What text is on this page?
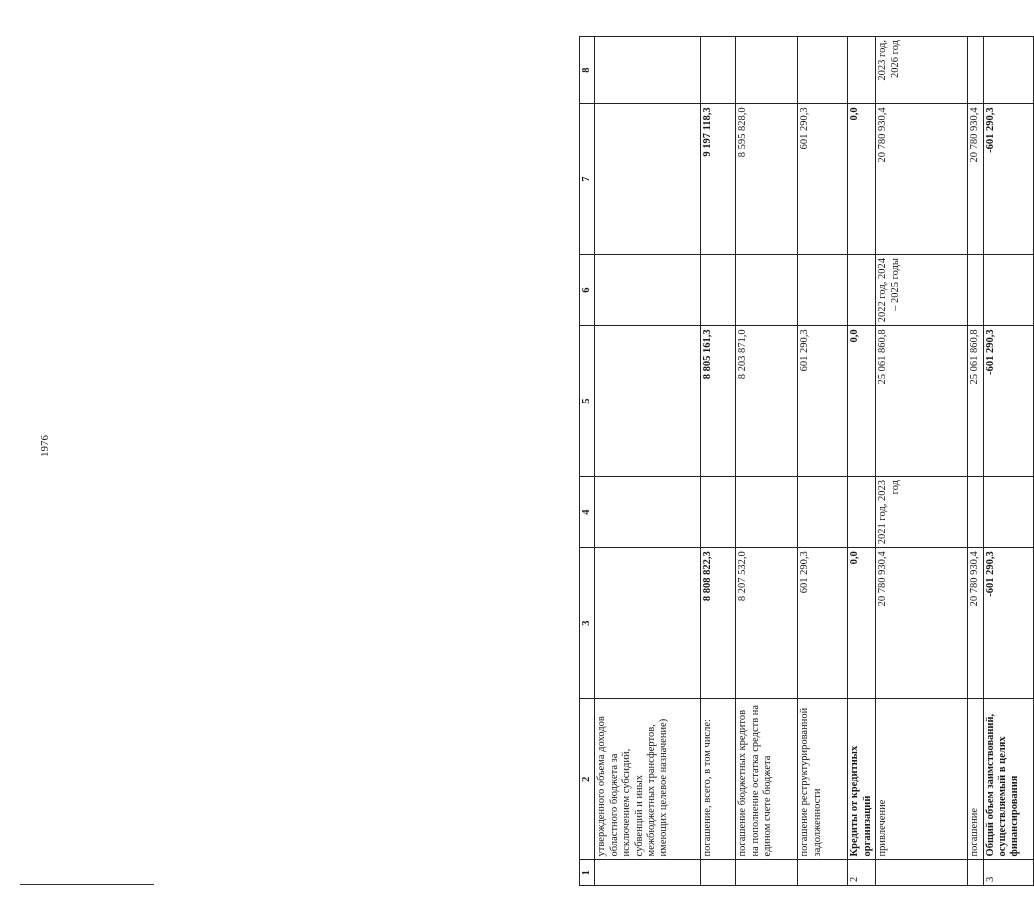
1976
1	2	3	4	5	6	7	8
	утвержденного объема доходов областного бюджета за исключением субсидий, субвенций и иных межбюджетных трансфертов, имеющих целевое назначение)						
	погашение, всего, в том числе:	8 808 822,3		8 805 161,3		9 197 118,3	
	погашение бюджетных кредитов на пополнение остатка средств на едином счете бюджета	8 207 532,0		8 203 871,0		8 595 828,0	
	погашение реструктурированной задолженности	601 290,3		601 290,3		601 290,3	
2	Кредиты от кредитных организаций	0,0		0,0		0,0	
	привлечение	20 780 930,4	2021 год, 2023 год	25 061 860,8	2022 год, 2024 – 2025 годы	20 780 930,4	2023 год, 2026 год
	погашение	20 780 930,4		25 061 860,8		20 780 930,4	
3	Общий объем заимствований, осуществляемый в целях финансирования	-601 290,3		-601 290,3		-601 290,3	
